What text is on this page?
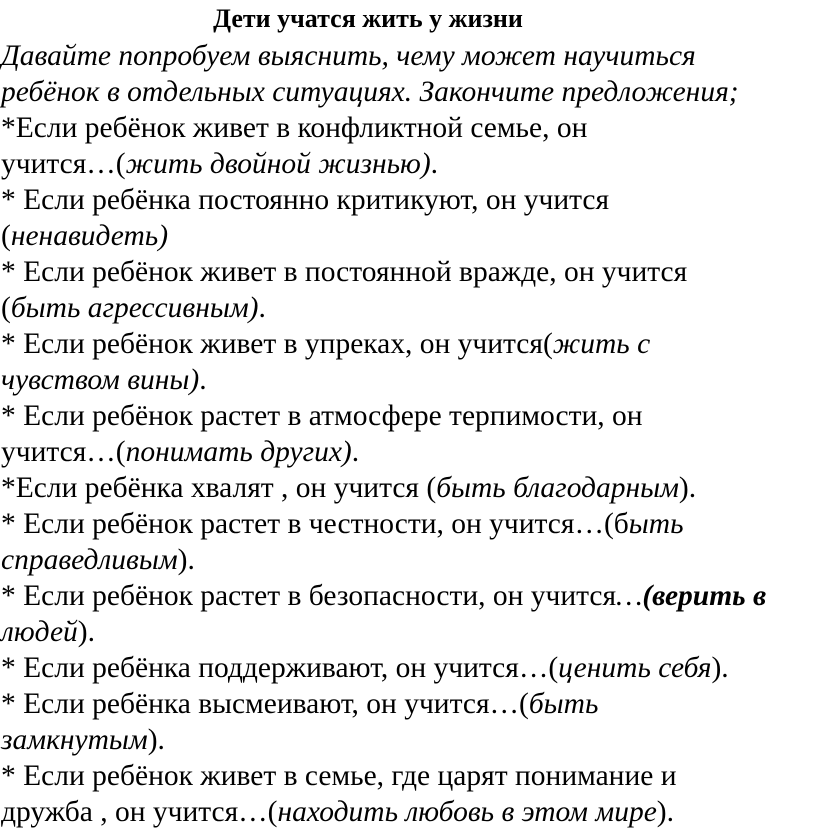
Дети учатся жить у жизни
Давайте попробуем выяснить, чему может научиться
ребёнок в отдельных ситуациях. Закончите предложения;
*Если ребёнок живет в конфликтной семье, он
учится…(жить двойной жизнью).
* Если ребёнка постоянно критикуют, он учится
(ненавидеть)
* Если ребёнок живет в постоянной вражде, он учится
(быть агрессивным).
* Если ребёнок живет в упреках, он учится(жить с
чувством вины).
* Если ребёнок растет в атмосфере терпимости, он
учится…(понимать других).
*Если ребёнка хвалят , он учится (быть благодарным).
* Если ребёнок растет в честности, он учится…(быть
справедливым).
* Если ребёнок растет в безопасности, он учится…(верить в
людей).
* Если ребёнка поддерживают, он учится…(ценить себя).
* Если ребёнка высмеивают, он учится…(быть
замкнутым).
* Если ребёнок живет в семье, где царят понимание и
дружба , он учится…(находить любовь в этом мире).
